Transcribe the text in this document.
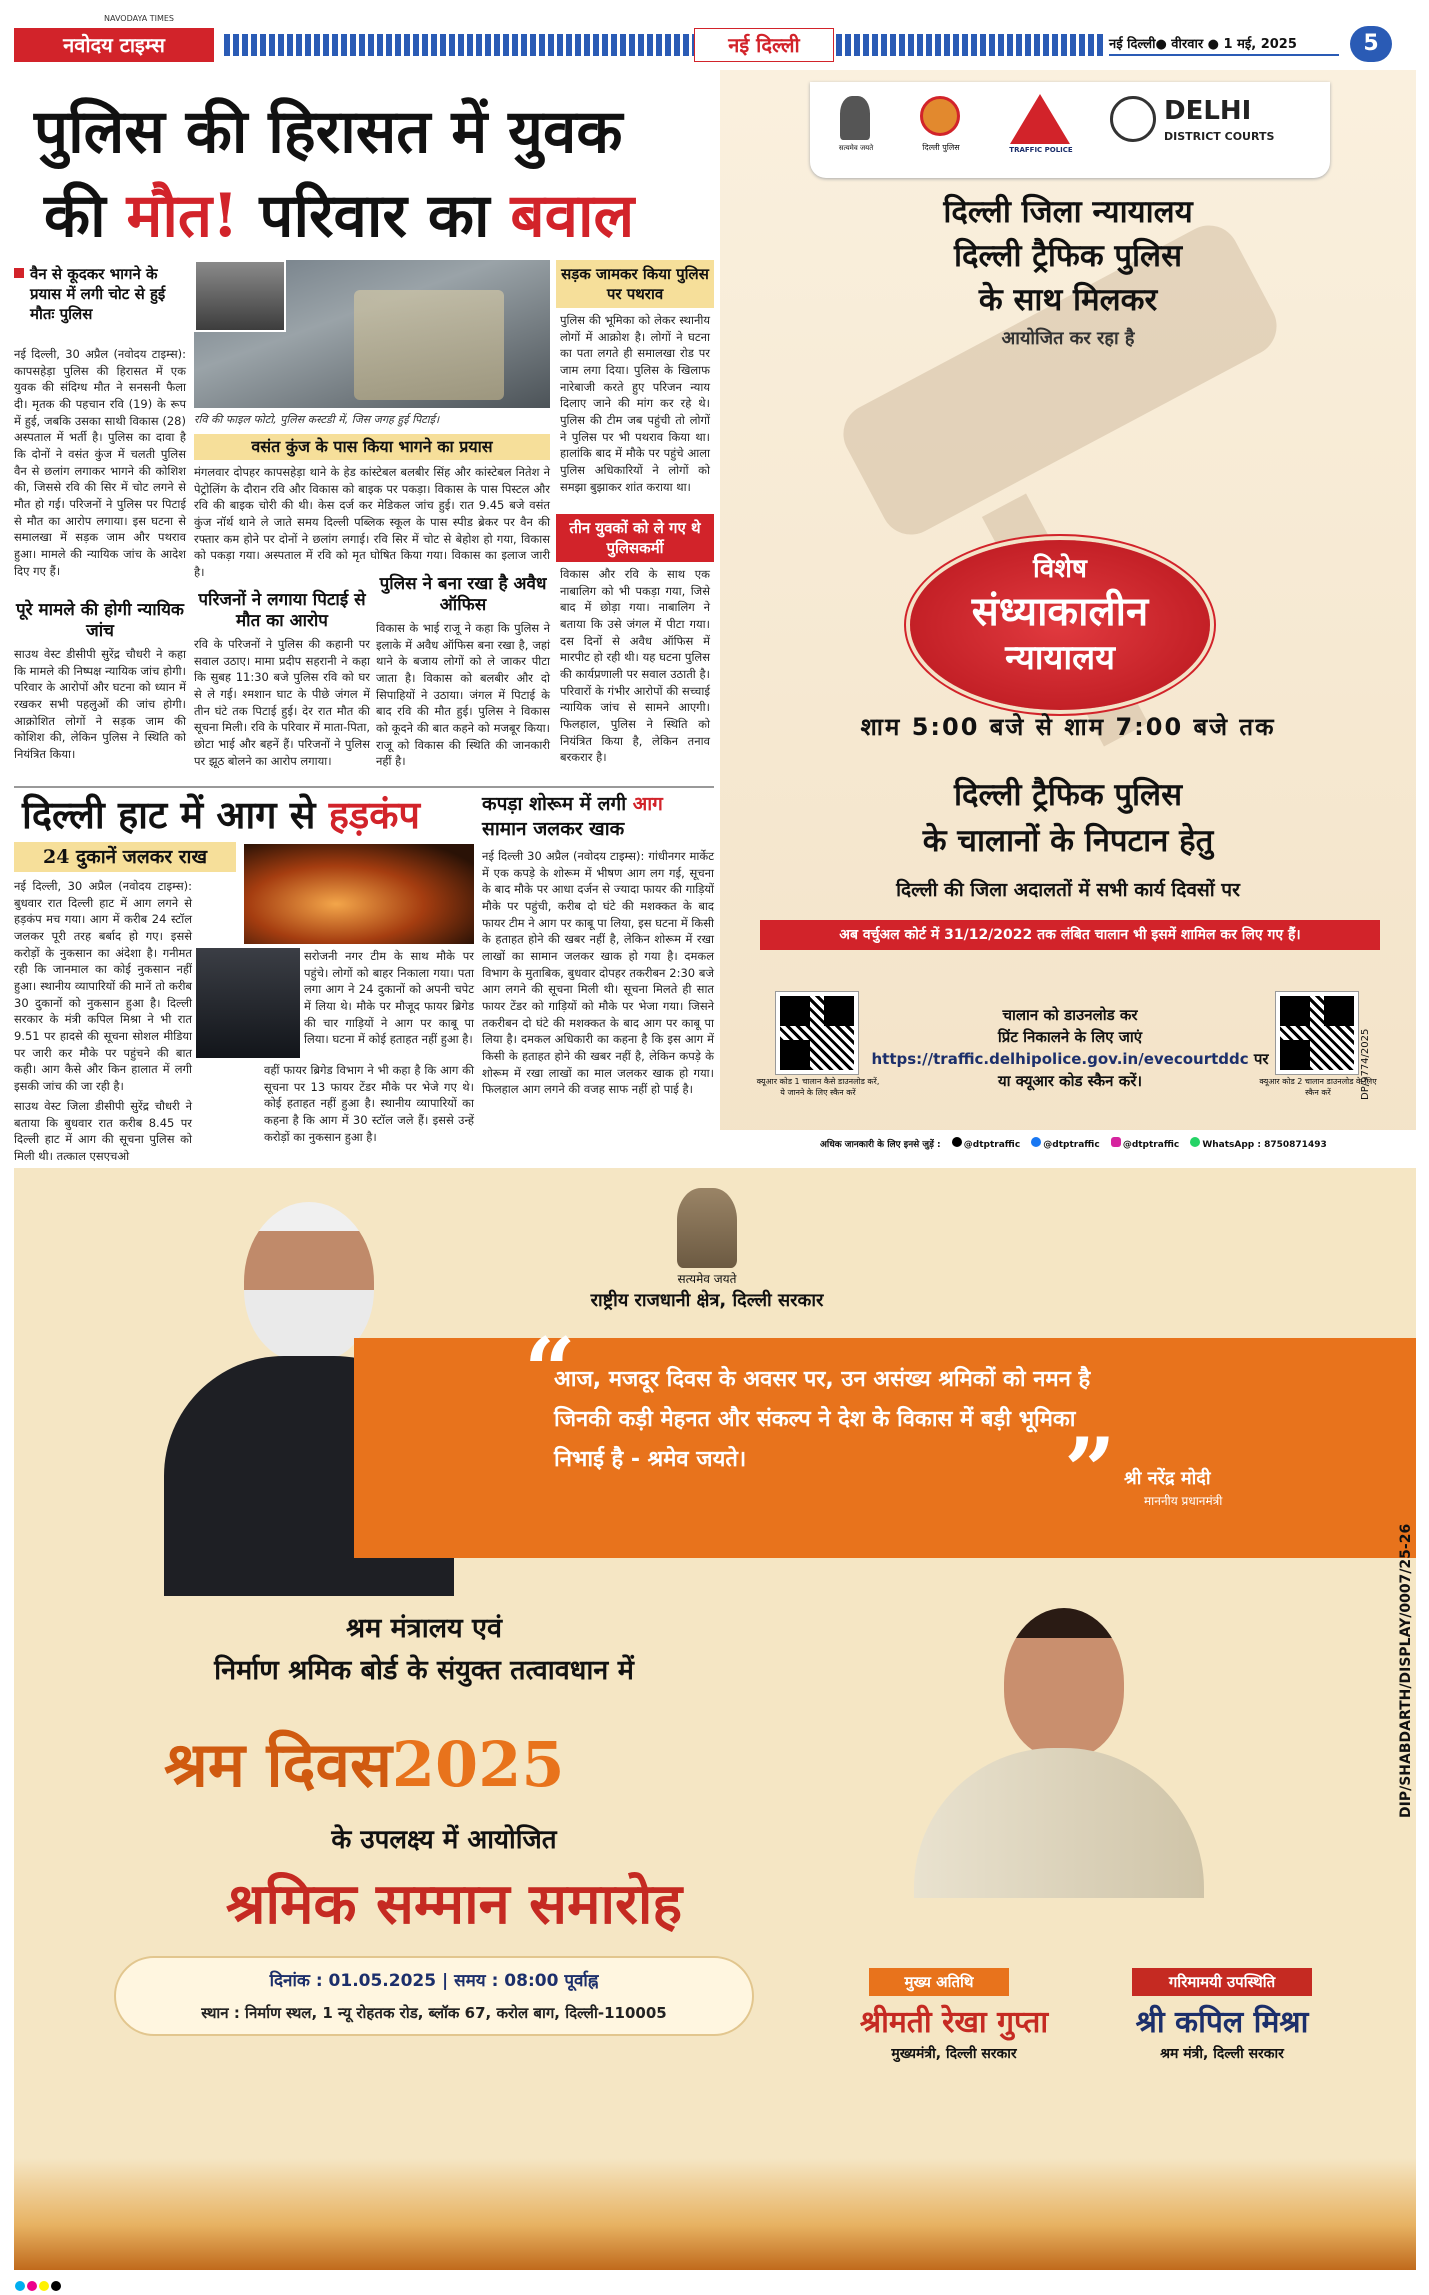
नवोदय टाइम्स
NAVODAYA TIMES
नई दिल्ली	नई दिल्ली● वीरवार ● 1 मई, 2025	5
पुलिस की हिरासत में युवक
की मौत! परिवार का बवाल
वैन से कूदकर भागने के प्रयास में लगी चोट से हुई मौतः पुलिस
नई दिल्ली, 30 अप्रैल (नवोदय टाइम्स): कापसहेड़ा पुलिस की हिरासत में एक युवक की संदिग्ध मौत ने सनसनी फैला दी। मृतक की पहचान रवि (19) के रूप में हुई, जबकि उसका साथी विकास (28) अस्पताल में भर्ती है। पुलिस का दावा है कि दोनों ने वसंत कुंज में चलती पुलिस वैन से छलांग लगाकर भागने की कोशिश की, जिससे रवि की सिर में चोट लगने से मौत हो गई। परिजनों ने पुलिस पर पिटाई से मौत का आरोप लगाया। इस घटना से समालखा में सड़क जाम और पथराव हुआ। मामले की न्यायिक जांच के आदेश दिए गए हैं।
पूरे मामले की होगी न्यायिक जांच
साउथ वेस्ट डीसीपी सुरेंद्र चौधरी ने कहा कि मामले की निष्पक्ष न्यायिक जांच होगी। परिवार के आरोपों और घटना को ध्यान में रखकर सभी पहलुओं की जांच होगी। आक्रोशित लोगों ने सड़क जाम की कोशिश की, लेकिन पुलिस ने स्थिति को नियंत्रित किया।
रवि की फाइल फोटो, पुलिस कस्टडी में, जिस जगह हुई पिटाई।
वसंत कुंज के पास किया भागने का प्रयास
मंगलवार दोपहर कापसहेड़ा थाने के हेड कांस्टेबल बलबीर सिंह और कांस्टेबल नितेश ने पेट्रोलिंग के दौरान रवि और विकास को बाइक पर पकड़ा। विकास के पास पिस्टल और रवि की बाइक चोरी की थी। केस दर्ज कर मेडिकल जांच हुई। रात 9.45 बजे वसंत कुंज नॉर्थ थाने ले जाते समय दिल्ली पब्लिक स्कूल के पास स्पीड ब्रेकर पर वैन की रफ्तार कम होने पर दोनों ने छलांग लगाई। रवि सिर में चोट से बेहोश हो गया, विकास को पकड़ा गया। अस्पताल में रवि को मृत घोषित किया गया। विकास का इलाज जारी है।
परिजनों ने लगाया पिटाई से मौत का आरोप
रवि के परिजनों ने पुलिस की कहानी पर सवाल उठाए। मामा प्रदीप सहरानी ने कहा कि सुबह 11:30 बजे पुलिस रवि को घर से ले गई। श्मशान घाट के पीछे जंगल में तीन घंटे तक पिटाई हुई। देर रात मौत की सूचना मिली। रवि के परिवार में माता-पिता, छोटा भाई और बहनें हैं। परिजनों ने पुलिस पर झूठ बोलने का आरोप लगाया।
पुलिस ने बना रखा है अवैध ऑफिस
विकास के भाई राजू ने कहा कि पुलिस ने इलाके में अवैध ऑफिस बना रखा है, जहां थाने के बजाय लोगों को ले जाकर पीटा जाता है। विकास को बलबीर और दो सिपाहियों ने उठाया। जंगल में पिटाई के बाद रवि की मौत हुई। पुलिस ने विकास को कूदने की बात कहने को मजबूर किया। राजू को विकास की स्थिति की जानकारी नहीं है।
सड़क जामकर किया पुलिस पर पथराव
पुलिस की भूमिका को लेकर स्थानीय लोगों में आक्रोश है। लोगों ने घटना का पता लगते ही समालखा रोड पर जाम लगा दिया। पुलिस के खिलाफ नारेबाजी करते हुए परिजन न्याय दिलाए जाने की मांग कर रहे थे। पुलिस की टीम जब पहुंची तो लोगों ने पुलिस पर भी पथराव किया था। हालांकि बाद में मौके पर पहुंचे आला पुलिस अधिकारियों ने लोगों को समझा बुझाकर शांत कराया था।
तीन युवकों को ले गए थे पुलिसकर्मी
विकास और रवि के साथ एक नाबालिग को भी पकड़ा गया, जिसे बाद में छोड़ा गया। नाबालिग ने बताया कि उसे जंगल में पीटा गया। दस दिनों से अवैध ऑफिस में मारपीट हो रही थी। यह घटना पुलिस की कार्यप्रणाली पर सवाल उठाती है। परिवारों के गंभीर आरोपों की सच्चाई न्यायिक जांच से सामने आएगी। फिलहाल, पुलिस ने स्थिति को नियंत्रित किया है, लेकिन तनाव बरकरार है।
दिल्ली हाट में आग से हड़कंप
24 दुकानें जलकर राख
नई दिल्ली, 30 अप्रैल (नवोदय टाइम्स): बुधवार रात दिल्ली हाट में आग लगने से हड़कंप मच गया। आग में करीब 24 स्टॉल जलकर पूरी तरह बर्बाद हो गए। इससे करोड़ों के नुकसान का अंदेशा है। गनीमत रही कि जानमाल का कोई नुकसान नहीं हुआ। स्थानीय व्यापारियों की मानें तो करीब 30 दुकानों को नुकसान हुआ है। दिल्ली सरकार के मंत्री कपिल मिश्रा ने भी रात 9.51 पर हादसे की सूचना सोशल मीडिया पर जारी कर मौके पर पहुंचने की बात कही। आग कैसे और किन हालात में लगी इसकी जांच की जा रही है।
साउथ वेस्ट जिला डीसीपी सुरेंद्र चौधरी ने बताया कि बुधवार रात करीब 8.45 पर दिल्ली हाट में आग की सूचना पुलिस को मिली थी। तत्काल एसएचओ
सरोजनी नगर टीम के साथ मौके पर पहुंचे। लोगों को बाहर निकाला गया। पता लगा आग ने 24 दुकानों को अपनी चपेट में लिया थे। मौके पर मौजूद फायर ब्रिगेड की चार गाड़ियों ने आग पर काबू पा लिया। घटना में कोई हताहत नहीं हुआ है।
वहीं फायर ब्रिगेड विभाग ने भी कहा है कि आग की सूचना पर 13 फायर टेंडर मौके पर भेजे गए थे। कोई हताहत नहीं हुआ है। स्थानीय व्यापारियों का कहना है कि आग में 30 स्टॉल जले हैं। इससे उन्हें करोड़ों का नुकसान हुआ है।
कपड़ा शोरूम में लगी आग
सामान जलकर खाक
नई दिल्ली 30 अप्रैल (नवोदय टाइम्स): गांधीनगर मार्केट में एक कपड़े के शोरूम में भीषण आग लग गई, सूचना के बाद मौके पर आधा दर्जन से ज्यादा फायर की गाड़ियों मौके पर पहुंची, करीब दो घंटे की मशक्कत के बाद फायर टीम ने आग पर काबू पा लिया, इस घटना में किसी के हताहत होने की खबर नहीं है, लेकिन शोरूम में रखा लाखों का सामान जलकर खाक हो गया है। दमकल विभाग के मुताबिक, बुधवार दोपहर तकरीबन 2:30 बजे आग लगने की सूचना मिली थी। सूचना मिलते ही सात फायर टेंडर को गाड़ियों को मौके पर भेजा गया। जिसने तकरीबन दो घंटे की मशक्कत के बाद आग पर काबू पा लिया है। दमकल अधिकारी का कहना है कि इस आग में किसी के हताहत होने की खबर नहीं है, लेकिन कपड़े के शोरूम में रखा लाखों का माल जलकर खाक हो गया। फिलहाल आग लगने की वजह साफ नहीं हो पाई है।
सत्यमेव जयते	दिल्ली पुलिस	TRAFFIC POLICE
DELHI
DISTRICT COURTS
दिल्ली जिला न्यायालय
दिल्ली ट्रैफिक पुलिस
के साथ मिलकर
आयोजित कर रहा है
विशेष
संध्याकालीन
न्यायालय
शाम 5:00 बजे से शाम 7:00 बजे तक
दिल्ली ट्रैफिक पुलिस
के चालानों के निपटान हेतु
दिल्ली की जिला अदालतों में सभी कार्य दिवसों पर
अब वर्चुअल कोर्ट में 31/12/2022 तक लंबित चालान भी इसमें शामिल कर लिए गए हैं।
क्यूआर कोड 1 चालान कैसे डाउनलोड करें, ये जानने के लिए स्कैन करें
चालान को डाउनलोड कर
प्रिंट निकालने के लिए जाएं
https://traffic.delhipolice.gov.in/evecourtddc पर
या क्यूआर कोड स्कैन करें।	क्यूआर कोड 2 चालान डाउनलोड के लिए स्कैन करें	DP/9774/2025
अधिक जानकारी के लिए इनसे जुड़ें :	@dtptraffic	@dtptraffic	@dtptraffic	WhatsApp : 8750871493
सत्यमेव जयते
राष्ट्रीय राजधानी क्षेत्र, दिल्ली सरकार
“
आज, मजदूर दिवस के अवसर पर, उन असंख्य श्रमिकों को नमन है जिनकी कड़ी मेहनत और संकल्प ने देश के विकास में बड़ी भूमिका निभाई है - श्रमेव जयते।	” श्री नरेंद्र मोदी
माननीय प्रधानमंत्री
श्रम मंत्रालय एवं
निर्माण श्रमिक बोर्ड के संयुक्त तत्वावधान में
श्रम दिवस2025
के उपलक्ष्य में आयोजित
श्रमिक सम्मान समारोह
दिनांक : 01.05.2025 | समय : 08:00 पूर्वाह्न
स्थान : निर्माण स्थल, 1 न्यू रोहतक रोड, ब्लॉक 67, करोल बाग, दिल्ली-110005
मुख्य अतिथि
श्रीमती रेखा गुप्ता
मुख्यमंत्री, दिल्ली सरकार
गरिमामयी उपस्थिति
श्री कपिल मिश्रा
श्रम मंत्री, दिल्ली सरकार
DIP/SHABDARTH/DISPLAY/0007/25-26
